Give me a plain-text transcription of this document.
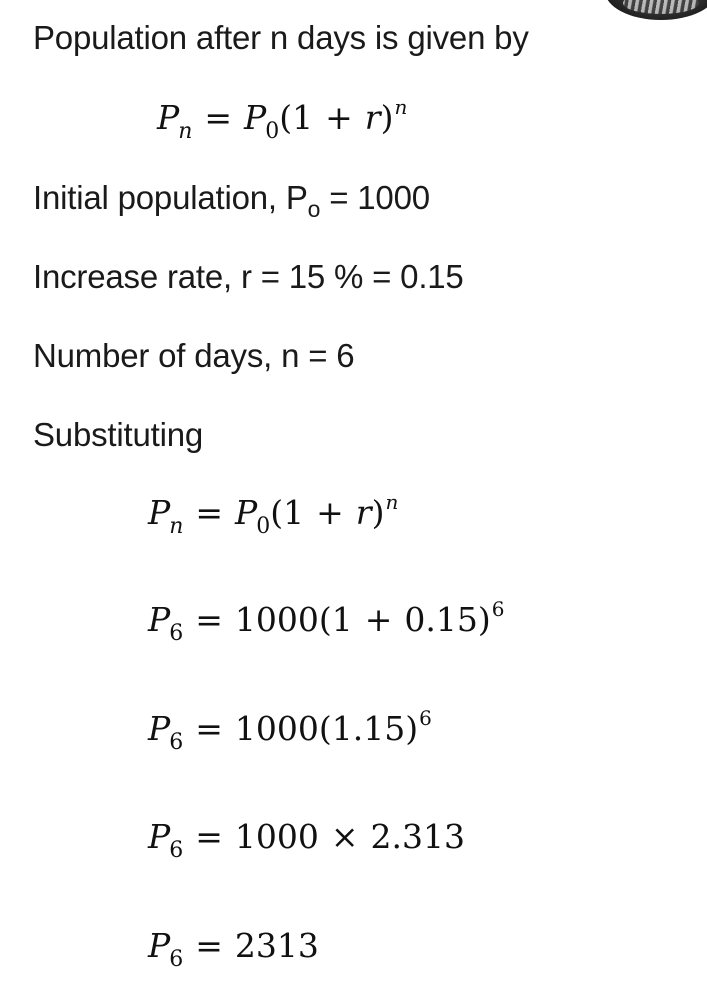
Population after n days is given by
$P_n = P_0(1 + r)^n$
Initial population, $P_o = 1000$
Increase rate, r = 15 % = 0.15
Number of days, n = 6
Substituting
$P_n = P_0(1 + r)^n$
$P_6 = 1000(1 + 0.15)^6$
$P_6 = 1000(1.15)^6$
$P_6 = 1000 \times 2.313$
$P_6 = 2313$
